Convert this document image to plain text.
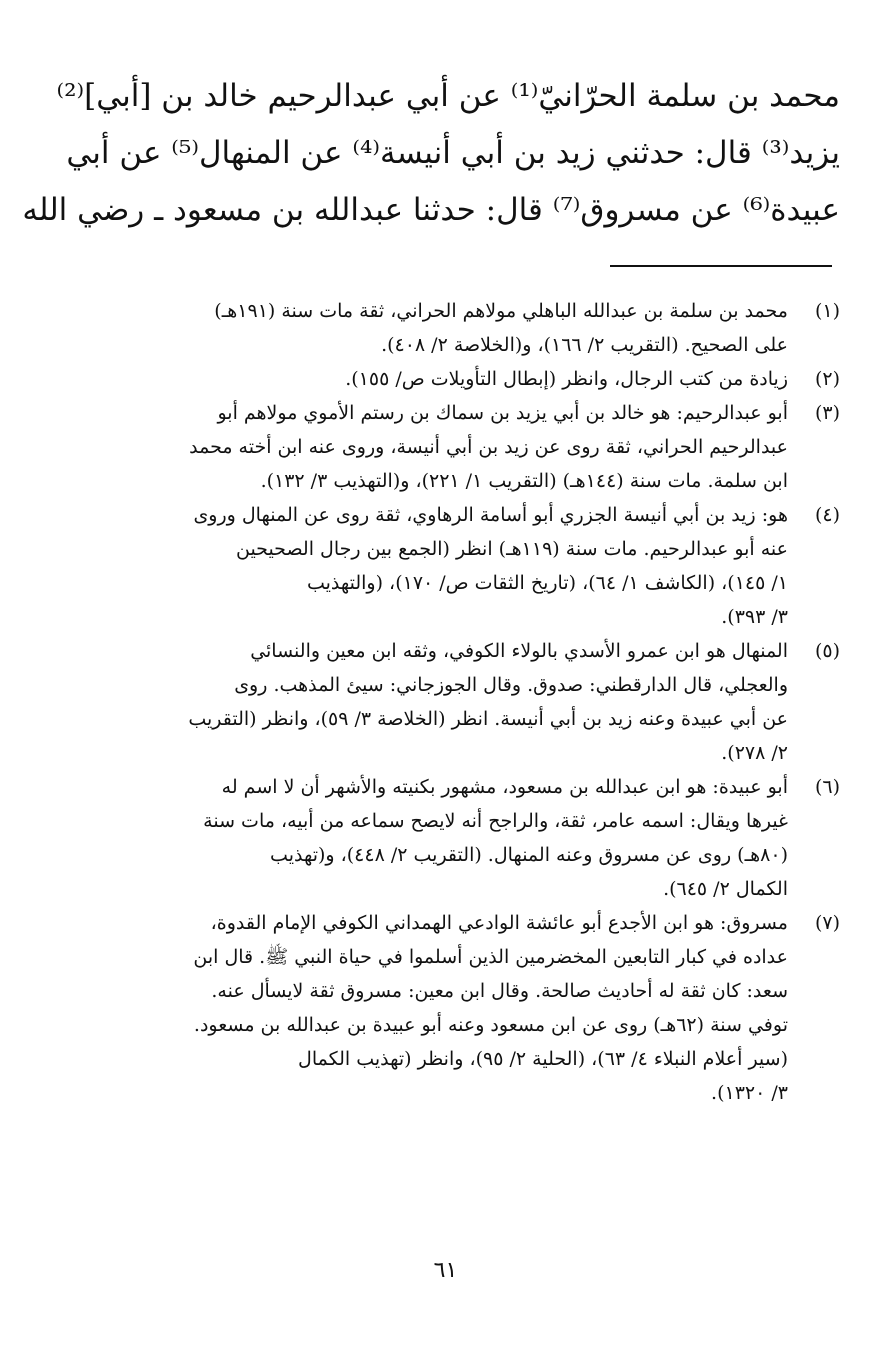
محمد بن سلمة الحرّانيّ⁽¹⁾ عن أبي عبدالرحيم خالد بن [أبي]⁽²⁾
يزيد⁽³⁾ قال: حدثني زيد بن أبي أنيسة⁽⁴⁾ عن المنهال⁽⁵⁾ عن أبي
عبيدة⁽⁶⁾ عن مسروق⁽⁷⁾ قال: حدثنا عبدالله بن مسعود ـ رضي الله
(١)
محمد بن سلمة بن عبدالله الباهلي مولاهم الحراني، ثقة مات سنة (١٩١هـ)
على الصحيح. (التقريب ٢/ ١٦٦)، و(الخلاصة ٢/ ٤٠٨).
(٢)
زيادة من كتب الرجال، وانظر (إبطال التأويلات ص/ ١٥٥).
(٣)
أبو عبدالرحيم: هو خالد بن أبي يزيد بن سماك بن رستم الأموي مولاهم أبو
عبدالرحيم الحراني، ثقة روى عن زيد بن أبي أنيسة، وروى عنه ابن أخته محمد
ابن سلمة. مات سنة (١٤٤هـ) (التقريب ١/ ٢٢١)، و(التهذيب ٣/ ١٣٢).
(٤)
هو: زيد بن أبي أنيسة الجزري أبو أسامة الرهاوي، ثقة روى عن المنهال وروى
عنه أبو عبدالرحيم. مات سنة (١١٩هـ) انظر (الجمع بين رجال الصحيحين
١/ ١٤٥)، (الكاشف ١/ ٦٤)، (تاريخ الثقات ص/ ١٧٠)، (والتهذيب
٣/ ٣٩٣).
(٥)
المنهال هو ابن عمرو الأسدي بالولاء الكوفي، وثقه ابن معين والنسائي
والعجلي، قال الدارقطني: صدوق. وقال الجوزجاني: سيئ المذهب. روى
عن أبي عبيدة وعنه زيد بن أبي أنيسة. انظر (الخلاصة ٣/ ٥٩)، وانظر (التقريب
٢/ ٢٧٨).
(٦)
أبو عبيدة: هو ابن عبدالله بن مسعود، مشهور بكنيته والأشهر أن لا اسم له
غيرها ويقال: اسمه عامر، ثقة، والراجح أنه لايصح سماعه من أبيه، مات سنة
(٨٠هـ) روى عن مسروق وعنه المنهال. (التقريب ٢/ ٤٤٨)، و(تهذيب
الكمال ٢/ ٦٤٥).
(٧)
مسروق: هو ابن الأجدع أبو عائشة الوادعي الهمداني الكوفي الإمام القدوة،
عداده في كبار التابعين المخضرمين الذين أسلموا في حياة النبي ﷺ. قال ابن
سعد: كان ثقة له أحاديث صالحة. وقال ابن معين: مسروق ثقة لايسأل عنه.
توفي سنة (٦٢هـ) روى عن ابن مسعود وعنه أبو عبيدة بن عبدالله بن مسعود.
(سير أعلام النبلاء ٤/ ٦٣)، (الحلية ٢/ ٩٥)، وانظر (تهذيب الكمال
٣/ ١٣٢٠).
٦١
